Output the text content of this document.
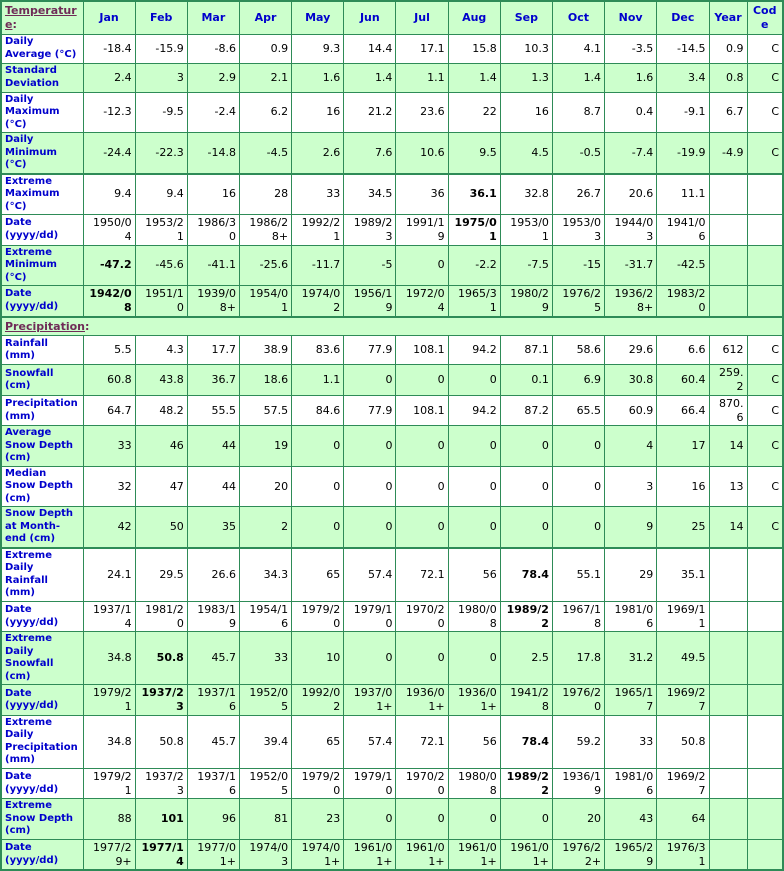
Temperature:	Jan	Feb	Mar	Apr	May	Jun	Jul	Aug	Sep	Oct	Nov	Dec	Year	Code
Daily Average (°C)	-18.4	-15.9	-8.6	0.9	9.3	14.4	17.1	15.8	10.3	4.1	-3.5	-14.5	0.9	C
Standard Deviation	2.4	3	2.9	2.1	1.6	1.4	1.1	1.4	1.3	1.4	1.6	3.4	0.8	C
Daily Maximum (°C)	-12.3	-9.5	-2.4	6.2	16	21.2	23.6	22	16	8.7	0.4	-9.1	6.7	C
Daily Minimum (°C)	-24.4	-22.3	-14.8	-4.5	2.6	7.6	10.6	9.5	4.5	-0.5	-7.4	-19.9	-4.9	C
Extreme Maximum (°C)	9.4	9.4	16	28	33	34.5	36	36.1	32.8	26.7	20.6	11.1		
Date (yyyy/dd)	1950/04	1953/21	1986/30	1986/28+	1992/21	1989/23	1991/19	1975/01	1953/01	1953/03	1944/03	1941/06		
Extreme Minimum (°C)	-47.2	-45.6	-41.1	-25.6	-11.7	-5	0	-2.2	-7.5	-15	-31.7	-42.5		
Date (yyyy/dd)	1942/08	1951/10	1939/08+	1954/01	1974/02	1956/19	1972/04	1965/31	1980/29	1976/25	1936/28+	1983/20		
Precipitation:														
Rainfall (mm)	5.5	4.3	17.7	38.9	83.6	77.9	108.1	94.2	87.1	58.6	29.6	6.6	612	C
Snowfall (cm)	60.8	43.8	36.7	18.6	1.1	0	0	0	0.1	6.9	30.8	60.4	259.2	C
Precipitation (mm)	64.7	48.2	55.5	57.5	84.6	77.9	108.1	94.2	87.2	65.5	60.9	66.4	870.6	C
Average Snow Depth (cm)	33	46	44	19	0	0	0	0	0	0	4	17	14	C
Median Snow Depth (cm)	32	47	44	20	0	0	0	0	0	0	3	16	13	C
Snow Depth at Month-end (cm)	42	50	35	2	0	0	0	0	0	0	9	25	14	C
Extreme Daily Rainfall (mm)	24.1	29.5	26.6	34.3	65	57.4	72.1	56	78.4	55.1	29	35.1		
Date (yyyy/dd)	1937/14	1981/20	1983/19	1954/16	1979/20	1979/10	1970/20	1980/08	1989/22	1967/18	1981/06	1969/11		
Extreme Daily Snowfall (cm)	34.8	50.8	45.7	33	10	0	0	0	2.5	17.8	31.2	49.5		
Date (yyyy/dd)	1979/21	1937/23	1937/16	1952/05	1992/02	1937/01+	1936/01+	1936/01+	1941/28	1976/20	1965/17	1969/27		
Extreme Daily Precipitation (mm)	34.8	50.8	45.7	39.4	65	57.4	72.1	56	78.4	59.2	33	50.8		
Date (yyyy/dd)	1979/21	1937/23	1937/16	1952/05	1979/20	1979/10	1970/20	1980/08	1989/22	1936/19	1981/06	1969/27		
Extreme Snow Depth (cm)	88	101	96	81	23	0	0	0	0	20	43	64		
Date (yyyy/dd)	1977/29+	1977/14	1977/01+	1974/03	1974/01+	1961/01+	1961/01+	1961/01+	1961/01+	1976/22+	1965/29	1976/31		
